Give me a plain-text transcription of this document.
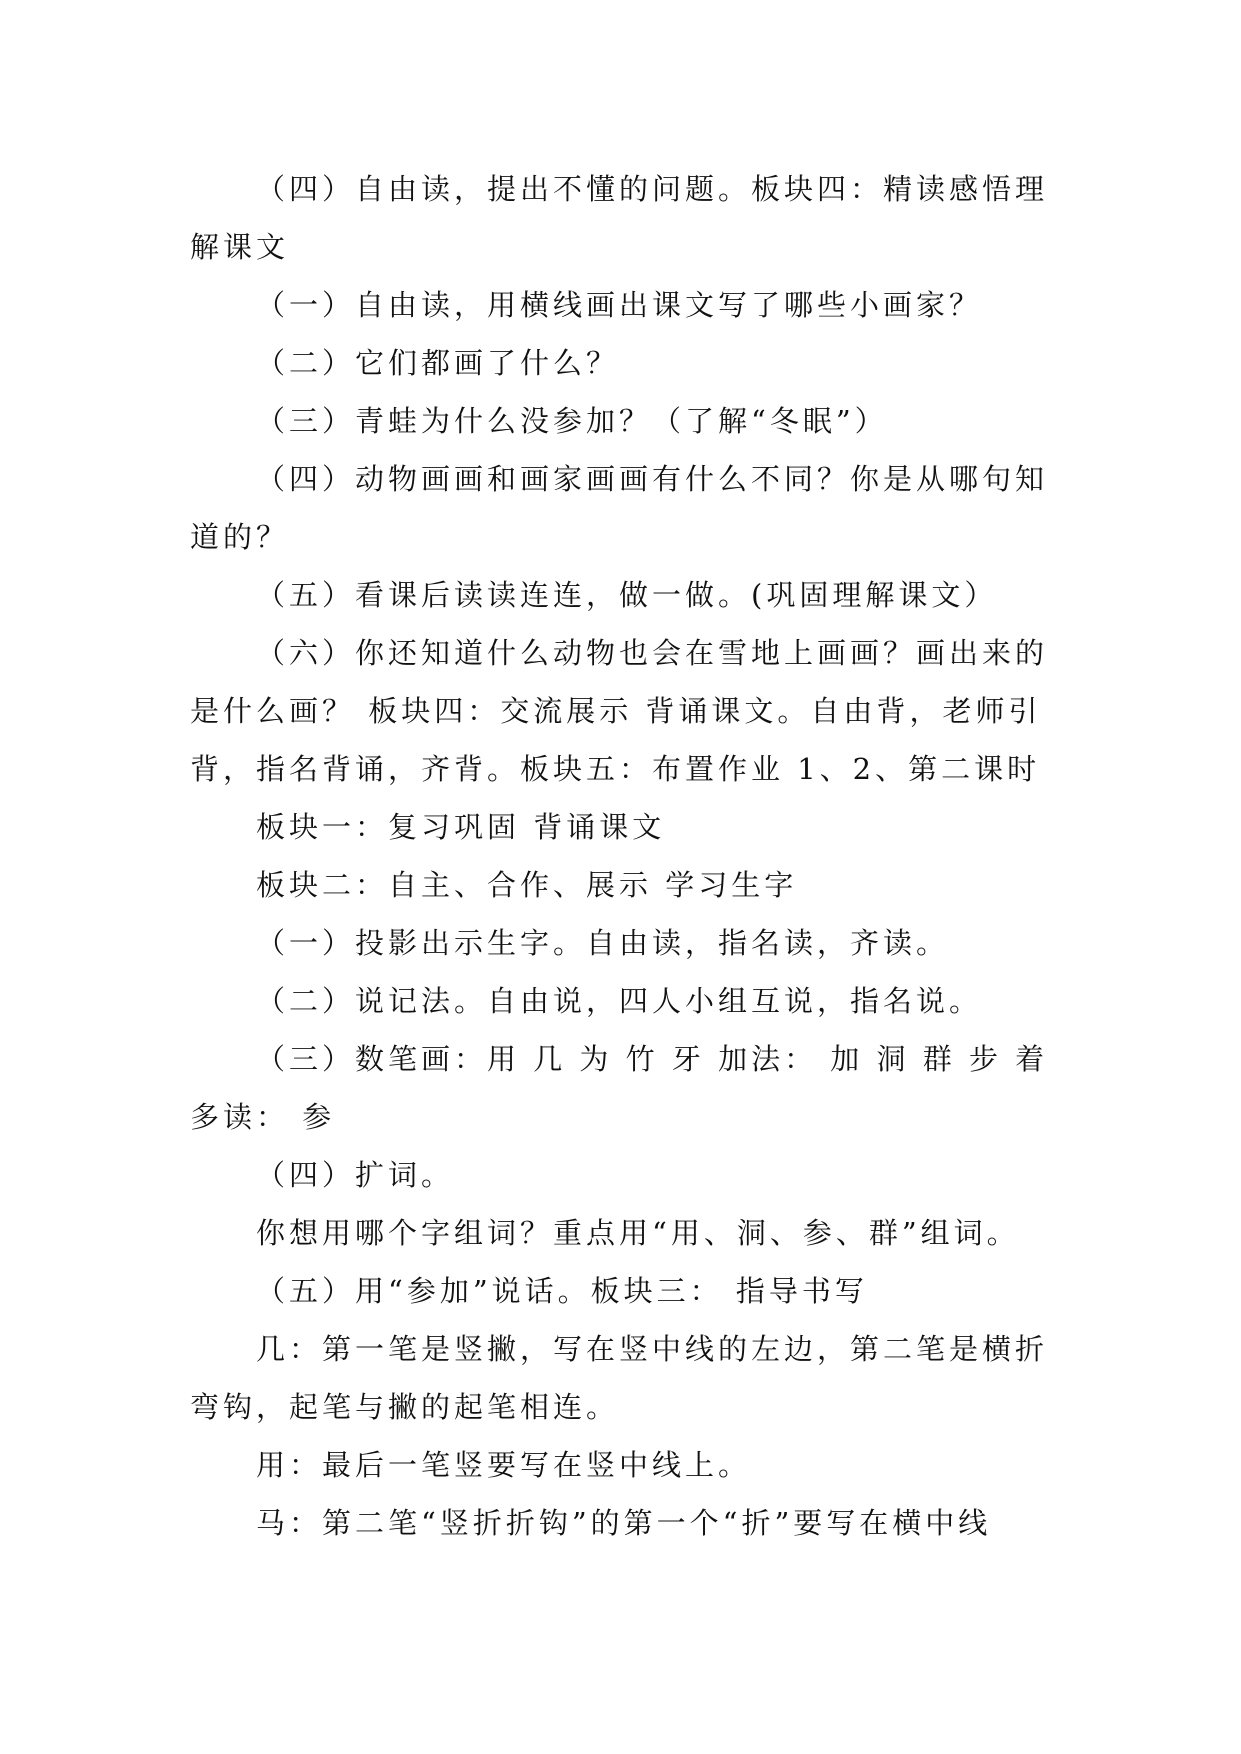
（四）自由读，提出不懂的问题。板块四：精读感悟理解课文

（一）自由读，用横线画出课文写了哪些小画家？

（二）它们都画了什么？

（三）青蛙为什么没参加？（了解“冬眠”）

（四）动物画画和画家画画有什么不同？你是从哪句知道的？

（五）看课后读读连连，做一做。(巩固理解课文）

（六）你还知道什么动物也会在雪地上画画？画出来的是什么画？ 板块四：交流展示 背诵课文。自由背，老师引背，指名背诵，齐背。板块五：布置作业 1、2、第二课时

板块一：复习巩固 背诵课文

板块二：自主、合作、展示 学习生字

（一）投影出示生字。自由读，指名读，齐读。

（二）说记法。自由说，四人小组互说，指名说。

（三）数笔画：用 几 为 竹 牙 加法： 加 洞 群 步 着 多读： 参

（四）扩词。

你想用哪个字组词？重点用“用、洞、参、群”组词。

（五）用“参加”说话。板块三： 指导书写

几：第一笔是竖撇，写在竖中线的左边，第二笔是横折弯钩，起笔与撇的起笔相连。

用：最后一笔竖要写在竖中线上。

马：第二笔“竖折折钩”的第一个“折”要写在横中线
